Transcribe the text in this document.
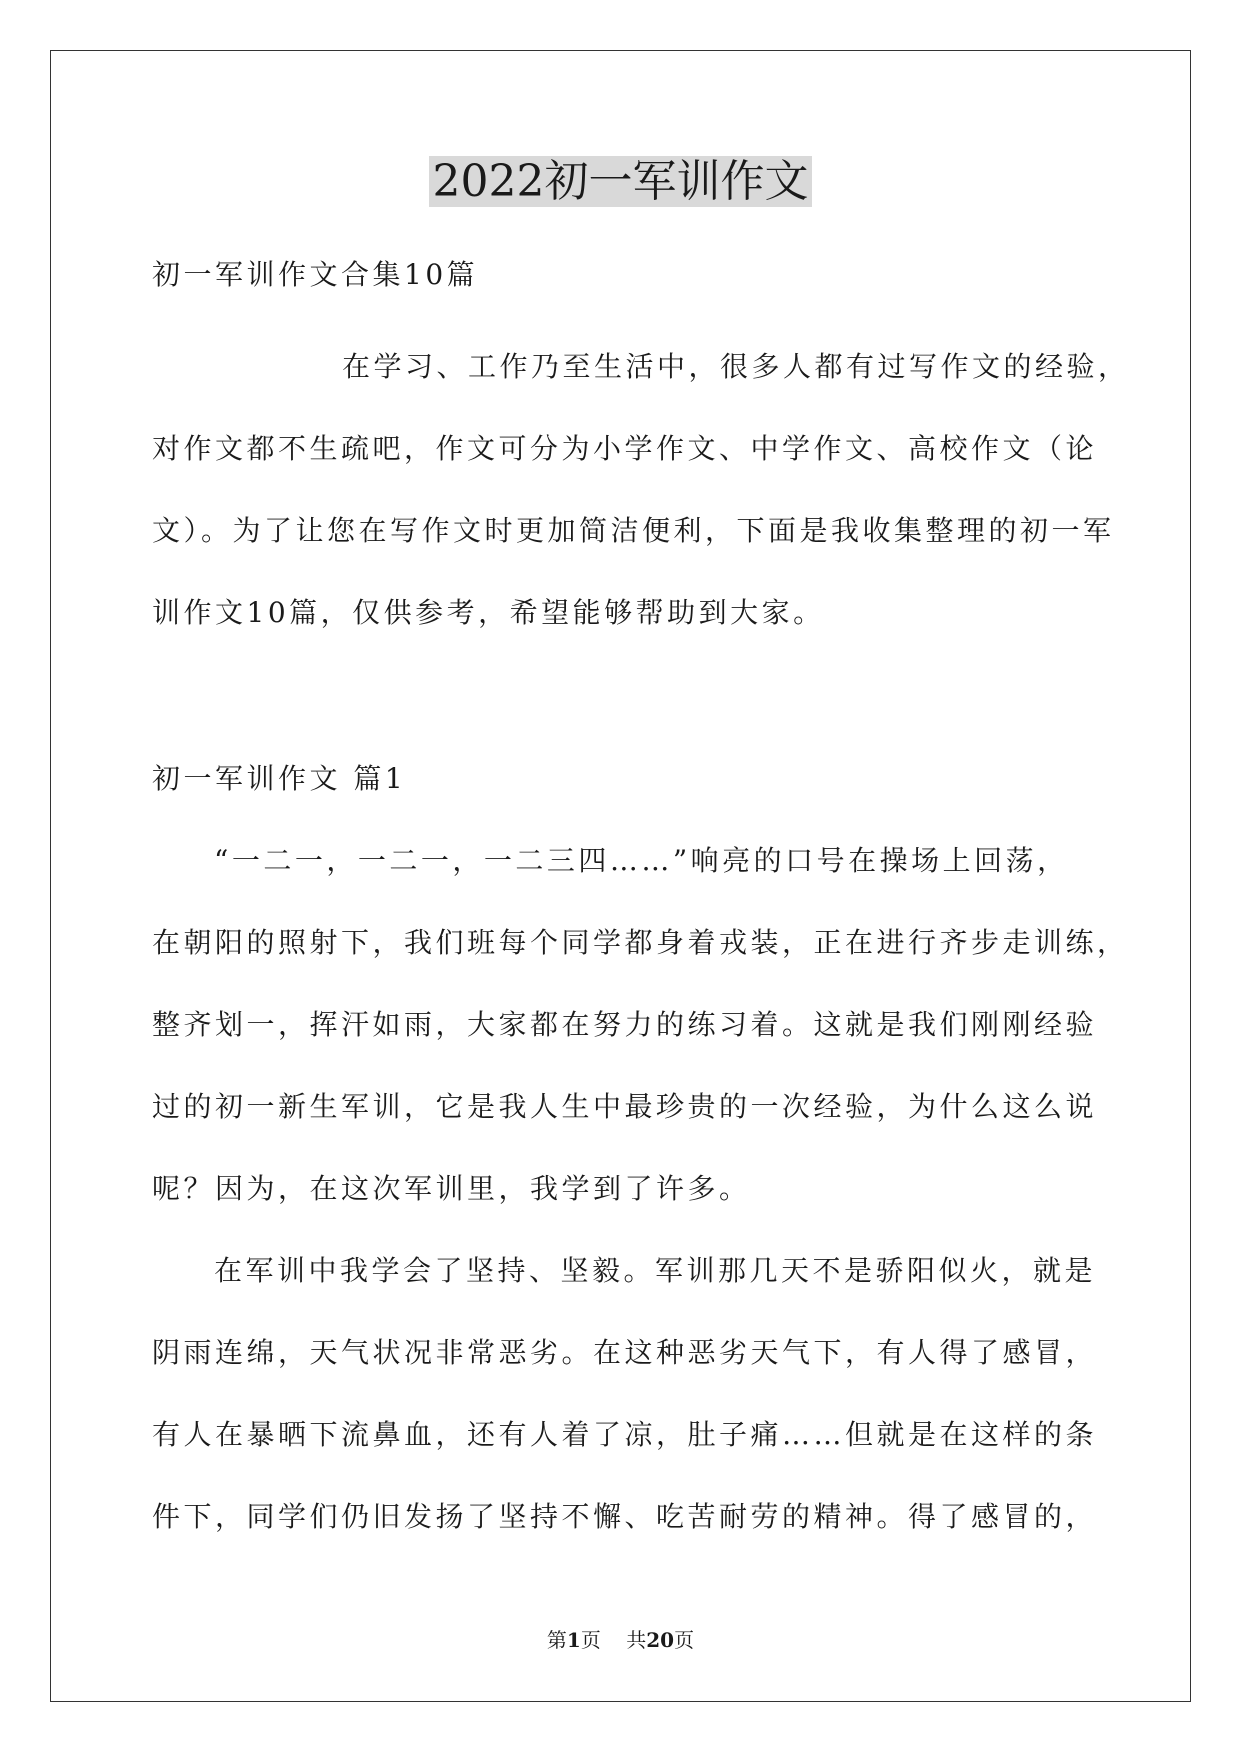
2022初一军训作文
初一军训作文合集10篇
在学习、工作乃至生活中，很多人都有过写作文的经验，
对作文都不生疏吧，作文可分为小学作文、中学作文、高校作文（论
文）。为了让您在写作文时更加简洁便利，下面是我收集整理的初一军
训作文10篇，仅供参考，希望能够帮助到大家。
初一军训作文 篇1
“一二一，一二一，一二三四……”响亮的口号在操场上回荡，
在朝阳的照射下，我们班每个同学都身着戎装，正在进行齐步走训练，
整齐划一，挥汗如雨，大家都在努力的练习着。这就是我们刚刚经验
过的初一新生军训，它是我人生中最珍贵的一次经验，为什么这么说
呢？因为，在这次军训里，我学到了许多。
在军训中我学会了坚持、坚毅。军训那几天不是骄阳似火，就是
阴雨连绵，天气状况非常恶劣。在这种恶劣天气下，有人得了感冒，
有人在暴晒下流鼻血，还有人着了凉，肚子痛……但就是在这样的条
件下，同学们仍旧发扬了坚持不懈、吃苦耐劳的精神。得了感冒的，
第1页 共20页
